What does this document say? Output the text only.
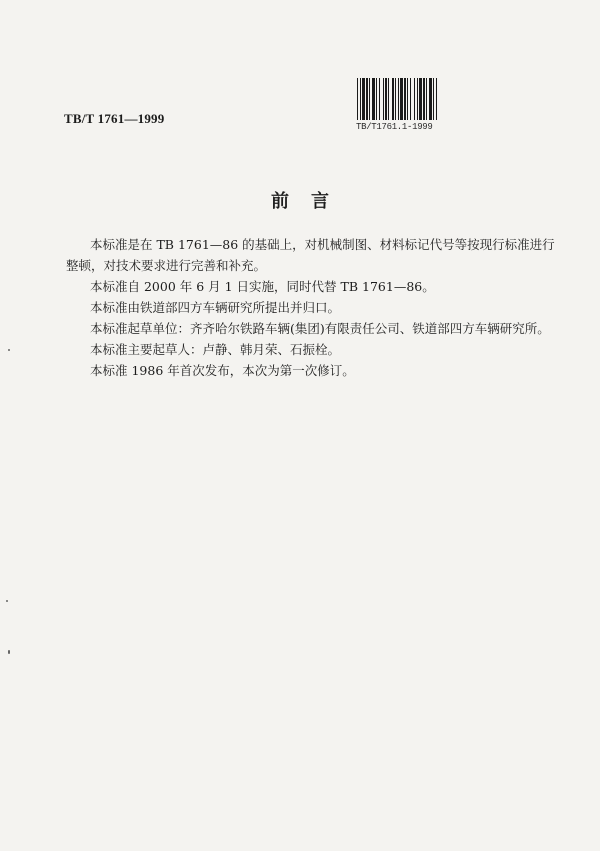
TB/T 1761—1999
TB/T1761.1-1999
前言

本标准是在 TB 1761—86 的基础上，对机械制图、材料标记代号等按现行标准进行整顿，对技术要求进行完善和补充。

本标准自 2000 年 6 月 1 日实施，同时代替 TB 1761—86。

本标准由铁道部四方车辆研究所提出并归口。

本标准起草单位：齐齐哈尔铁路车辆(集团)有限责任公司、铁道部四方车辆研究所。

本标准主要起草人：卢静、韩月荣、石振栓。

本标准 1986 年首次发布，本次为第一次修订。
